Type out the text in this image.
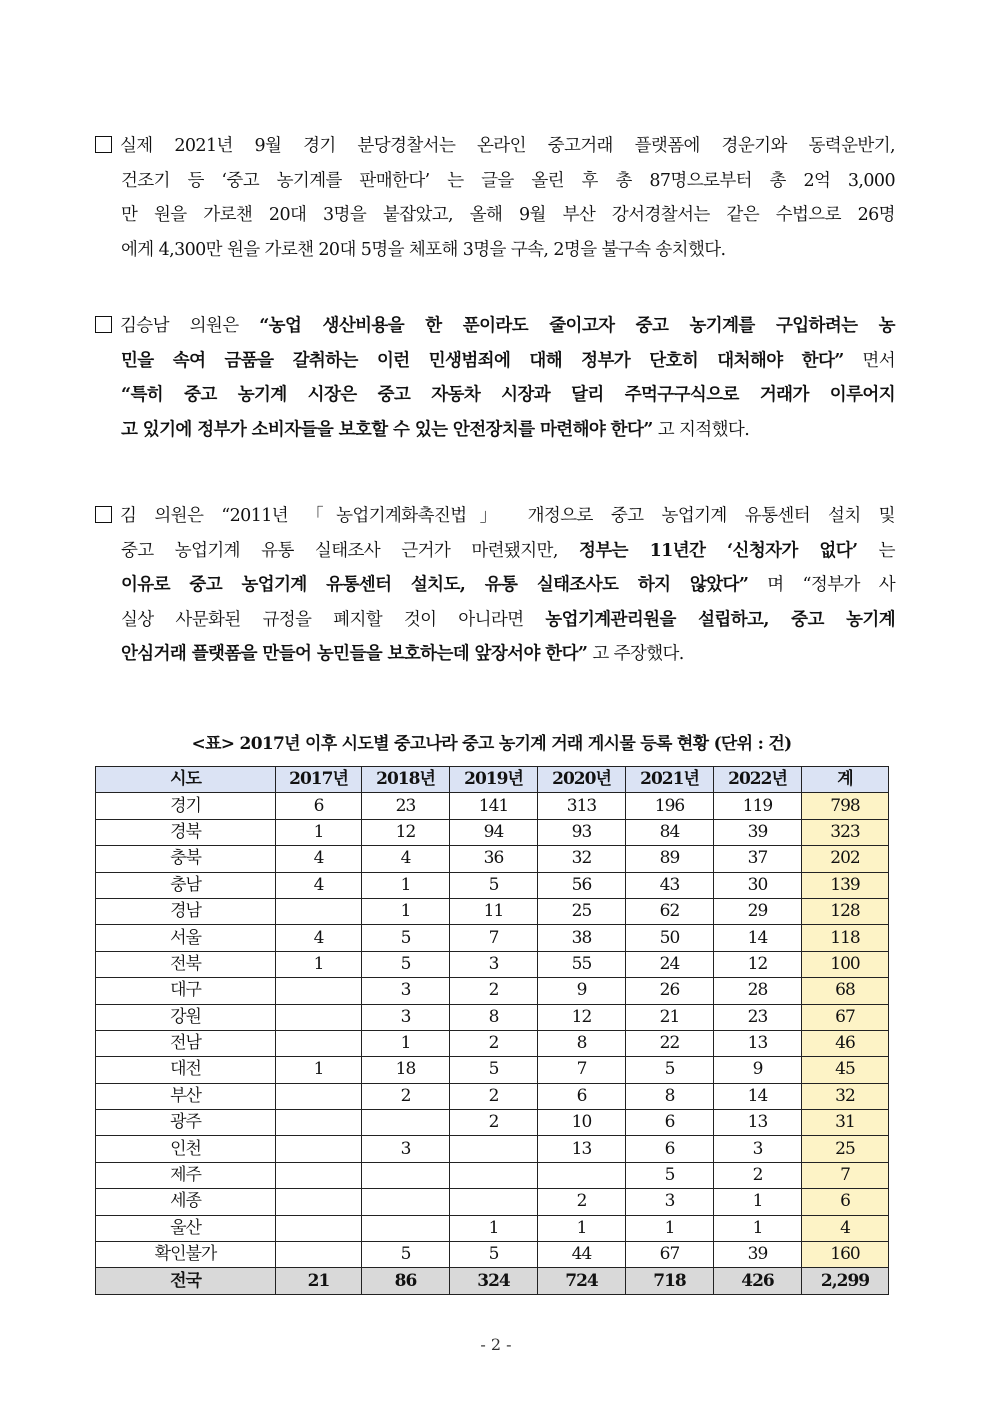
실제 2021년 9월 경기 분당경찰서는 온라인 중고거래 플랫폼에 경운기와 동력운반기,
건조기 등 ‘중고 농기계를 판매한다’ 는 글을 올린 후 총 87명으로부터 총 2억 3,000
만 원을 가로챈 20대 3명을 붙잡았고, 올해 9월 부산 강서경찰서는 같은 수법으로 26명
에게 4,300만 원을 가로챈 20대 5명을 체포해 3명을 구속, 2명을 불구속 송치했다.
김승남 의원은 “농업 생산비용을 한 푼이라도 줄이고자 중고 농기계를 구입하려는 농
민을 속여 금품을 갈취하는 이런 민생범죄에 대해 정부가 단호히 대처해야 한다” 면서
“특히 중고 농기계 시장은 중고 자동차 시장과 달리 주먹구구식으로 거래가 이루어지
고 있기에 정부가 소비자들을 보호할 수 있는 안전장치를 마련해야 한다” 고 지적했다.
김 의원은 “2011년 「농업기계화촉진법」 개정으로 중고 농업기계 유통센터 설치 및
중고 농업기계 유통 실태조사 근거가 마련됐지만, 정부는 11년간 ‘신청자가 없다’ 는
이유로 중고 농업기계 유통센터 설치도, 유통 실태조사도 하지 않았다” 며 “정부가 사
실상 사문화된 규정을 폐지할 것이 아니라면 농업기계관리원을 설립하고, 중고 농기계
안심거래 플랫폼을 만들어 농민들을 보호하는데 앞장서야 한다” 고 주장했다.
<표> 2017년 이후 시도별 중고나라 중고 농기계 거래 게시물 등록 현황 (단위 : 건)
시도	2017년	2018년	2019년	2020년	2021년	2022년	계
경기	6	23	141	313	196	119	798
경북	1	12	94	93	84	39	323
충북	4	4	36	32	89	37	202
충남	4	1	5	56	43	30	139
경남		1	11	25	62	29	128
서울	4	5	7	38	50	14	118
전북	1	5	3	55	24	12	100
대구		3	2	9	26	28	68
강원		3	8	12	21	23	67
전남		1	2	8	22	13	46
대전	1	18	5	7	5	9	45
부산		2	2	6	8	14	32
광주			2	10	6	13	31
인천		3		13	6	3	25
제주					5	2	7
세종				2	3	1	6
울산			1	1	1	1	4
확인불가		5	5	44	67	39	160
전국	21	86	324	724	718	426	2,299
- 2 -
